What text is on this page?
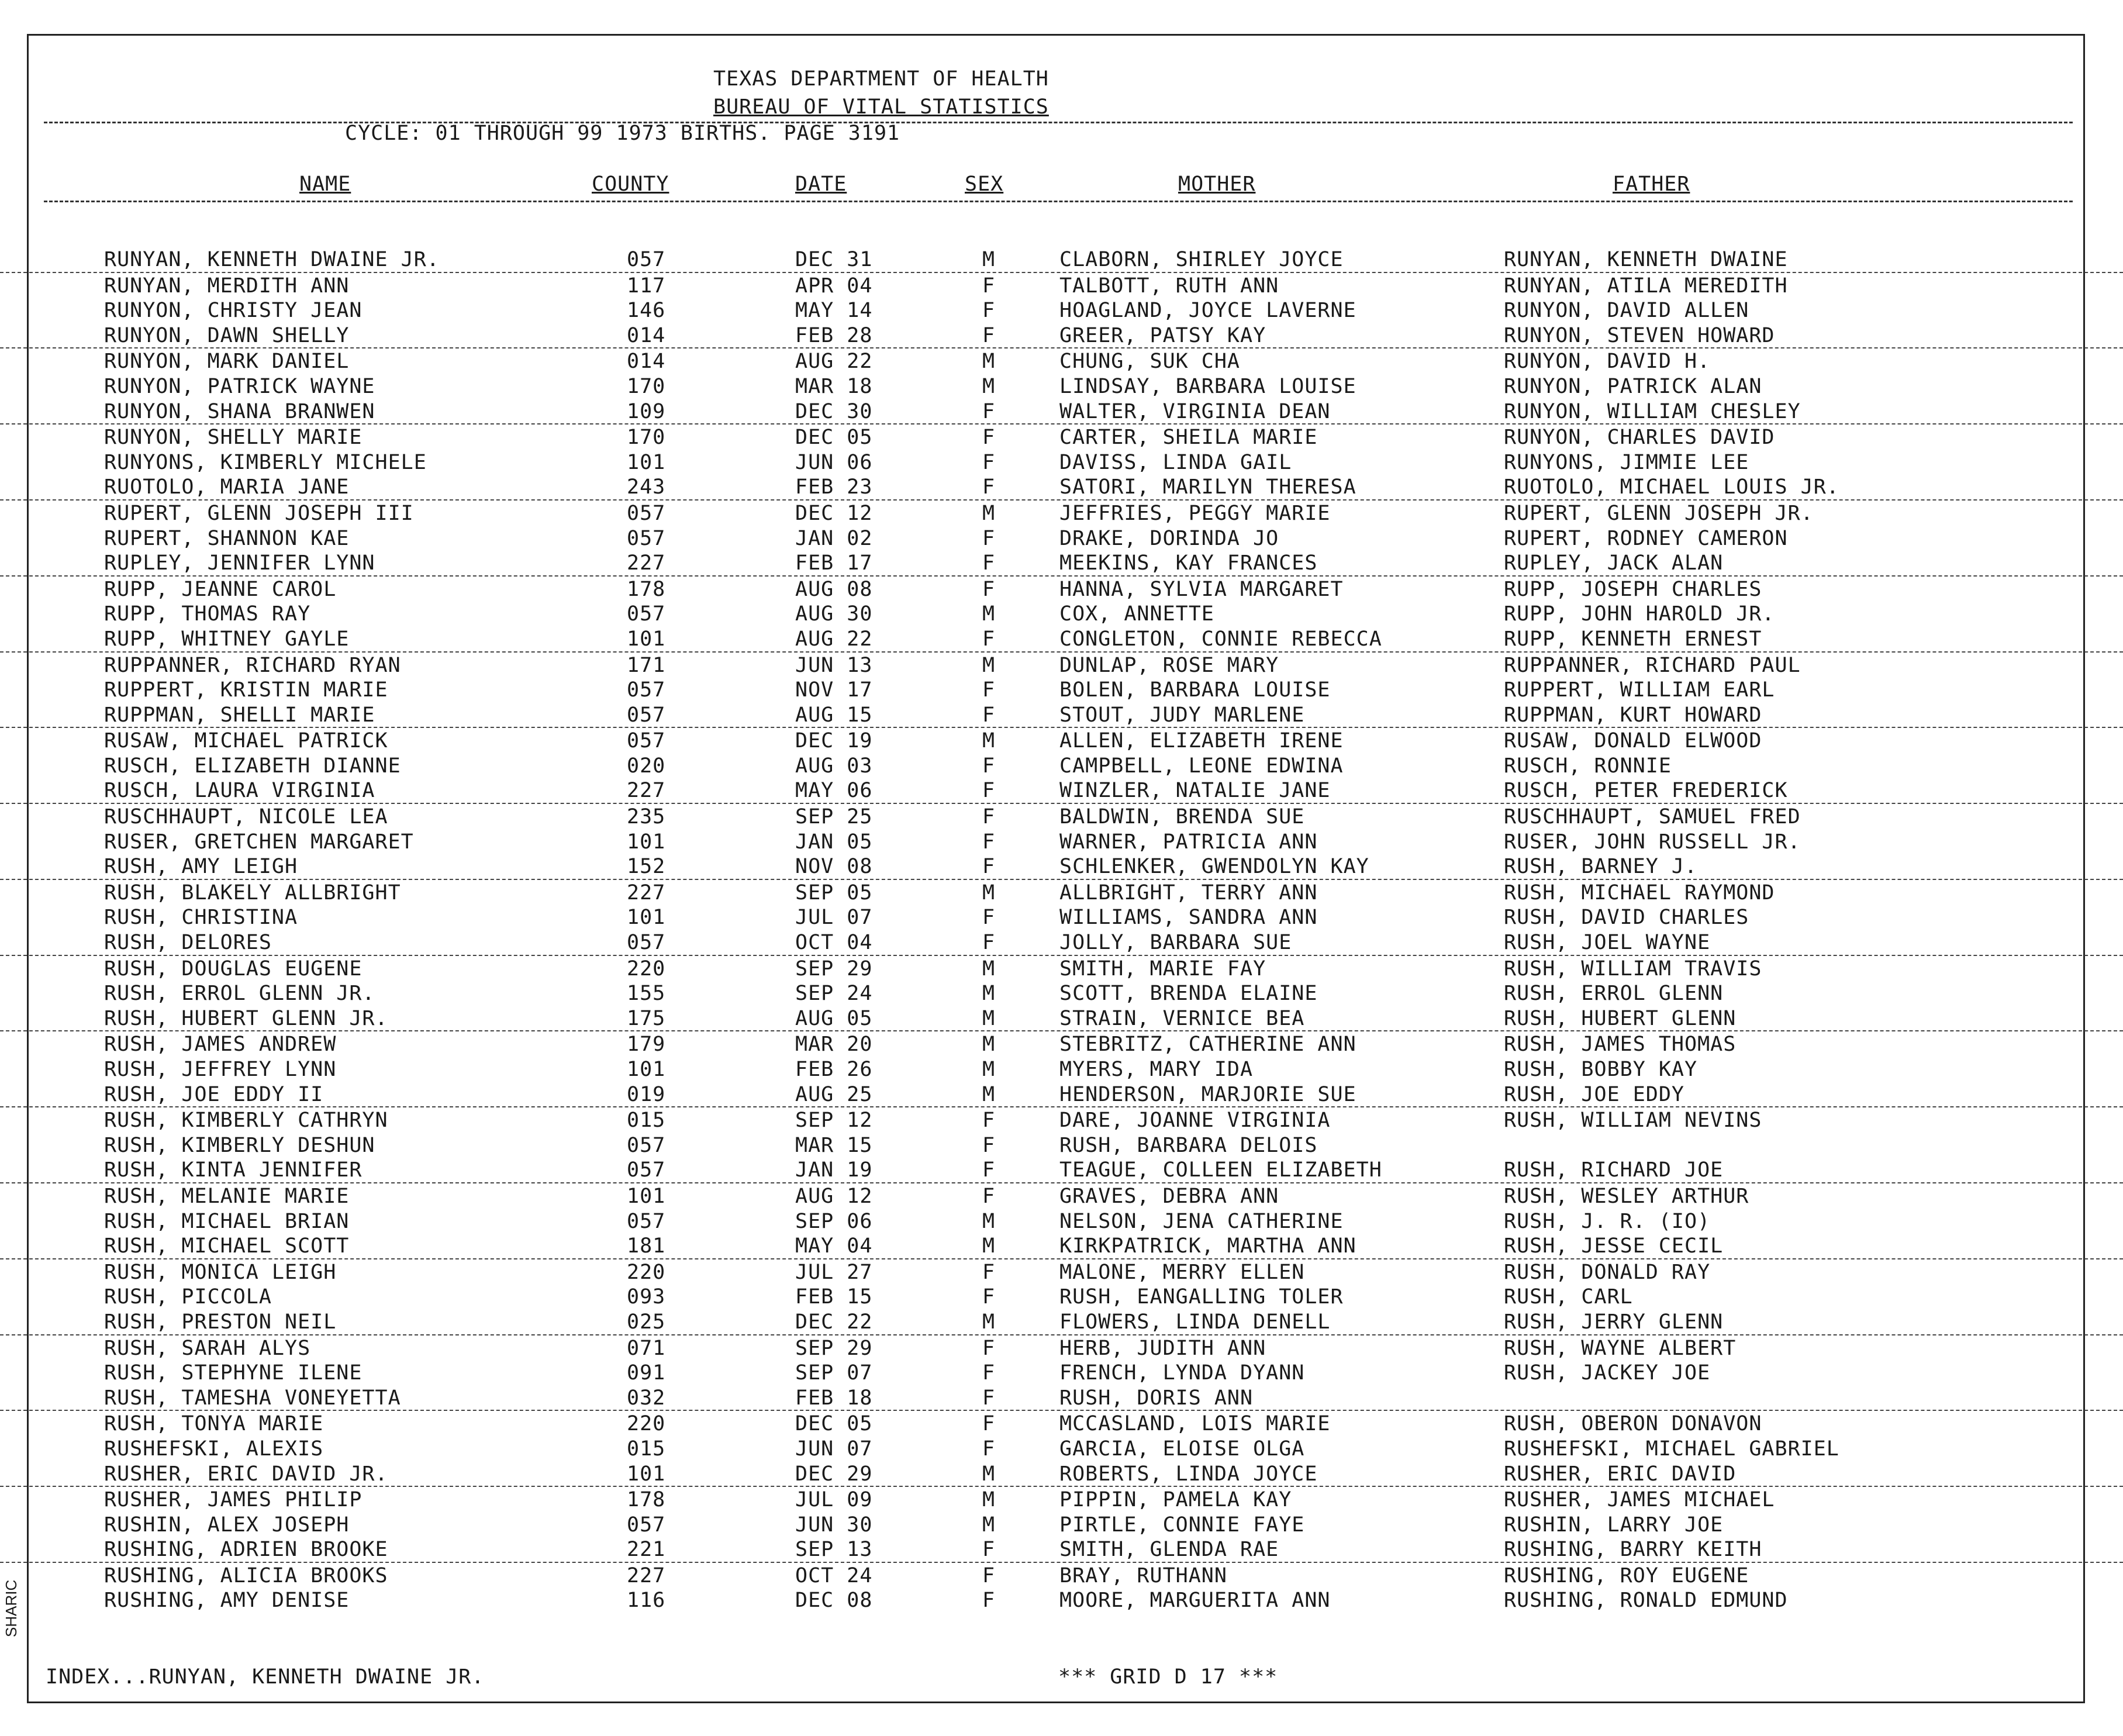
TEXAS DEPARTMENT OF HEALTH
BUREAU OF VITAL STATISTICS
CYCLE: 01 THROUGH 99 1973 BIRTHS. PAGE 3191
NAME	COUNTY	DATE	SEX	MOTHER	FATHER
RUNYAN, KENNETH DWAINE JR.	057	DEC 31	M	CLABORN, SHIRLEY JOYCE	RUNYAN, KENNETH DWAINE
RUNYAN, MERDITH ANN	117	APR 04	F	TALBOTT, RUTH ANN	RUNYAN, ATILA MEREDITH
RUNYON, CHRISTY JEAN	146	MAY 14	F	HOAGLAND, JOYCE LAVERNE	RUNYON, DAVID ALLEN
RUNYON, DAWN SHELLY	014	FEB 28	F	GREER, PATSY KAY	RUNYON, STEVEN HOWARD
RUNYON, MARK DANIEL	014	AUG 22	M	CHUNG, SUK CHA	RUNYON, DAVID H.
RUNYON, PATRICK WAYNE	170	MAR 18	M	LINDSAY, BARBARA LOUISE	RUNYON, PATRICK ALAN
RUNYON, SHANA BRANWEN	109	DEC 30	F	WALTER, VIRGINIA DEAN	RUNYON, WILLIAM CHESLEY
RUNYON, SHELLY MARIE	170	DEC 05	F	CARTER, SHEILA MARIE	RUNYON, CHARLES DAVID
RUNYONS, KIMBERLY MICHELE	101	JUN 06	F	DAVISS, LINDA GAIL	RUNYONS, JIMMIE LEE
RUOTOLO, MARIA JANE	243	FEB 23	F	SATORI, MARILYN THERESA	RUOTOLO, MICHAEL LOUIS JR.
RUPERT, GLENN JOSEPH III	057	DEC 12	M	JEFFRIES, PEGGY MARIE	RUPERT, GLENN JOSEPH JR.
RUPERT, SHANNON KAE	057	JAN 02	F	DRAKE, DORINDA JO	RUPERT, RODNEY CAMERON
RUPLEY, JENNIFER LYNN	227	FEB 17	F	MEEKINS, KAY FRANCES	RUPLEY, JACK ALAN
RUPP, JEANNE CAROL	178	AUG 08	F	HANNA, SYLVIA MARGARET	RUPP, JOSEPH CHARLES
RUPP, THOMAS RAY	057	AUG 30	M	COX, ANNETTE	RUPP, JOHN HAROLD JR.
RUPP, WHITNEY GAYLE	101	AUG 22	F	CONGLETON, CONNIE REBECCA	RUPP, KENNETH ERNEST
RUPPANNER, RICHARD RYAN	171	JUN 13	M	DUNLAP, ROSE MARY	RUPPANNER, RICHARD PAUL
RUPPERT, KRISTIN MARIE	057	NOV 17	F	BOLEN, BARBARA LOUISE	RUPPERT, WILLIAM EARL
RUPPMAN, SHELLI MARIE	057	AUG 15	F	STOUT, JUDY MARLENE	RUPPMAN, KURT HOWARD
RUSAW, MICHAEL PATRICK	057	DEC 19	M	ALLEN, ELIZABETH IRENE	RUSAW, DONALD ELWOOD
RUSCH, ELIZABETH DIANNE	020	AUG 03	F	CAMPBELL, LEONE EDWINA	RUSCH, RONNIE
RUSCH, LAURA VIRGINIA	227	MAY 06	F	WINZLER, NATALIE JANE	RUSCH, PETER FREDERICK
RUSCHHAUPT, NICOLE LEA	235	SEP 25	F	BALDWIN, BRENDA SUE	RUSCHHAUPT, SAMUEL FRED
RUSER, GRETCHEN MARGARET	101	JAN 05	F	WARNER, PATRICIA ANN	RUSER, JOHN RUSSELL JR.
RUSH, AMY LEIGH	152	NOV 08	F	SCHLENKER, GWENDOLYN KAY	RUSH, BARNEY J.
RUSH, BLAKELY ALLBRIGHT	227	SEP 05	M	ALLBRIGHT, TERRY ANN	RUSH, MICHAEL RAYMOND
RUSH, CHRISTINA	101	JUL 07	F	WILLIAMS, SANDRA ANN	RUSH, DAVID CHARLES
RUSH, DELORES	057	OCT 04	F	JOLLY, BARBARA SUE	RUSH, JOEL WAYNE
RUSH, DOUGLAS EUGENE	220	SEP 29	M	SMITH, MARIE FAY	RUSH, WILLIAM TRAVIS
RUSH, ERROL GLENN JR.	155	SEP 24	M	SCOTT, BRENDA ELAINE	RUSH, ERROL GLENN
RUSH, HUBERT GLENN JR.	175	AUG 05	M	STRAIN, VERNICE BEA	RUSH, HUBERT GLENN
RUSH, JAMES ANDREW	179	MAR 20	M	STEBRITZ, CATHERINE ANN	RUSH, JAMES THOMAS
RUSH, JEFFREY LYNN	101	FEB 26	M	MYERS, MARY IDA	RUSH, BOBBY KAY
RUSH, JOE EDDY II	019	AUG 25	M	HENDERSON, MARJORIE SUE	RUSH, JOE EDDY
RUSH, KIMBERLY CATHRYN	015	SEP 12	F	DARE, JOANNE VIRGINIA	RUSH, WILLIAM NEVINS
RUSH, KIMBERLY DESHUN	057	MAR 15	F	RUSH, BARBARA DELOIS
RUSH, KINTA JENNIFER	057	JAN 19	F	TEAGUE, COLLEEN ELIZABETH	RUSH, RICHARD JOE
RUSH, MELANIE MARIE	101	AUG 12	F	GRAVES, DEBRA ANN	RUSH, WESLEY ARTHUR
RUSH, MICHAEL BRIAN	057	SEP 06	M	NELSON, JENA CATHERINE	RUSH, J. R. (IO)
RUSH, MICHAEL SCOTT	181	MAY 04	M	KIRKPATRICK, MARTHA ANN	RUSH, JESSE CECIL
RUSH, MONICA LEIGH	220	JUL 27	F	MALONE, MERRY ELLEN	RUSH, DONALD RAY
RUSH, PICCOLA	093	FEB 15	F	RUSH, EANGALLING TOLER	RUSH, CARL
RUSH, PRESTON NEIL	025	DEC 22	M	FLOWERS, LINDA DENELL	RUSH, JERRY GLENN
RUSH, SARAH ALYS	071	SEP 29	F	HERB, JUDITH ANN	RUSH, WAYNE ALBERT
RUSH, STEPHYNE ILENE	091	SEP 07	F	FRENCH, LYNDA DYANN	RUSH, JACKEY JOE
RUSH, TAMESHA VONEYETTA	032	FEB 18	F	RUSH, DORIS ANN
RUSH, TONYA MARIE	220	DEC 05	F	MCCASLAND, LOIS MARIE	RUSH, OBERON DONAVON
RUSHEFSKI, ALEXIS	015	JUN 07	F	GARCIA, ELOISE OLGA	RUSHEFSKI, MICHAEL GABRIEL
RUSHER, ERIC DAVID JR.	101	DEC 29	M	ROBERTS, LINDA JOYCE	RUSHER, ERIC DAVID
RUSHER, JAMES PHILIP	178	JUL 09	M	PIPPIN, PAMELA KAY	RUSHER, JAMES MICHAEL
RUSHIN, ALEX JOSEPH	057	JUN 30	M	PIRTLE, CONNIE FAYE	RUSHIN, LARRY JOE
RUSHING, ADRIEN BROOKE	221	SEP 13	F	SMITH, GLENDA RAE	RUSHING, BARRY KEITH
RUSHING, ALICIA BROOKS	227	OCT 24	F	BRAY, RUTHANN	RUSHING, ROY EUGENE
RUSHING, AMY DENISE	116	DEC 08	F	MOORE, MARGUERITA ANN	RUSHING, RONALD EDMUND
INDEX...RUNYAN, KENNETH DWAINE JR.	*** GRID D 17 ***
SHARIC
